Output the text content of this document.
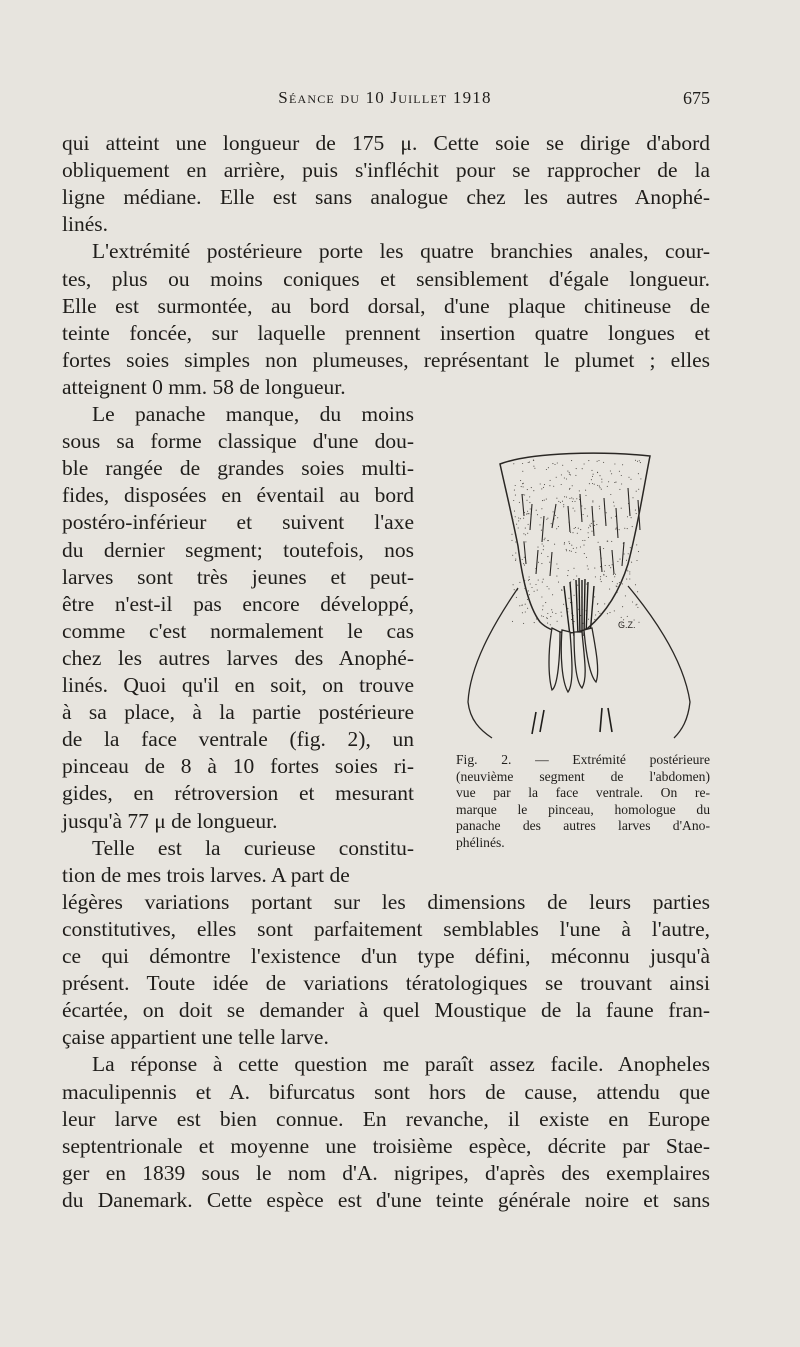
Séance du 10 Juillet 1918	675
qui atteint une longueur de 175 μ. Cette soie se dirige d'abord
obliquement en arrière, puis s'infléchit pour se rapprocher de la
ligne médiane. Elle est sans analogue chez les autres Anophé-
linés.
L'extrémité postérieure porte les quatre branchies anales, cour-
tes, plus ou moins coniques et sensiblement d'égale longueur.
Elle est surmontée, au bord dorsal, d'une plaque chitineuse de
teinte foncée, sur laquelle prennent insertion quatre longues et
fortes soies simples non plumeuses, représentant le plumet ; elles
atteignent 0 mm. 58 de longueur.
Le panache manque, du moins
sous sa forme classique d'une dou-
ble rangée de grandes soies multi-
fides, disposées en éventail au bord
postéro-inférieur et suivent l'axe
du dernier segment; toutefois, nos
larves sont très jeunes et peut-
être n'est-il pas encore développé,
comme c'est normalement le cas
chez les autres larves des Anophé-
linés. Quoi qu'il en soit, on trouve
à sa place, à la partie postérieure
de la face ventrale (fig. 2), un
pinceau de 8 à 10 fortes soies ri-
gides, en rétroversion et mesurant
jusqu'à 77 μ de longueur.
Telle est la curieuse constitu-
tion de mes trois larves. A part de
légères variations portant sur les dimensions de leurs parties
constitutives, elles sont parfaitement semblables l'une à l'autre,
ce qui démontre l'existence d'un type défini, méconnu jusqu'à
présent. Toute idée de variations tératologiques se trouvant ainsi
écartée, on doit se demander à quel Moustique de la faune fran-
çaise appartient une telle larve.
La réponse à cette question me paraît assez facile. Anopheles
maculipennis et A. bifurcatus sont hors de cause, attendu que
leur larve est bien connue. En revanche, il existe en Europe
septentrionale et moyenne une troisième espèce, décrite par Stae-
ger en 1839 sous le nom d'A. nigripes, d'après des exemplaires
du Danemark. Cette espèce est d'une teinte générale noire et sans
G.Z.
Fig. 2. — Extrémité postérieure
(neuvième segment de l'abdomen)
vue par la face ventrale. On re-
marque le pinceau, homologue du
panache des autres larves d'Ano-
phélinés.
